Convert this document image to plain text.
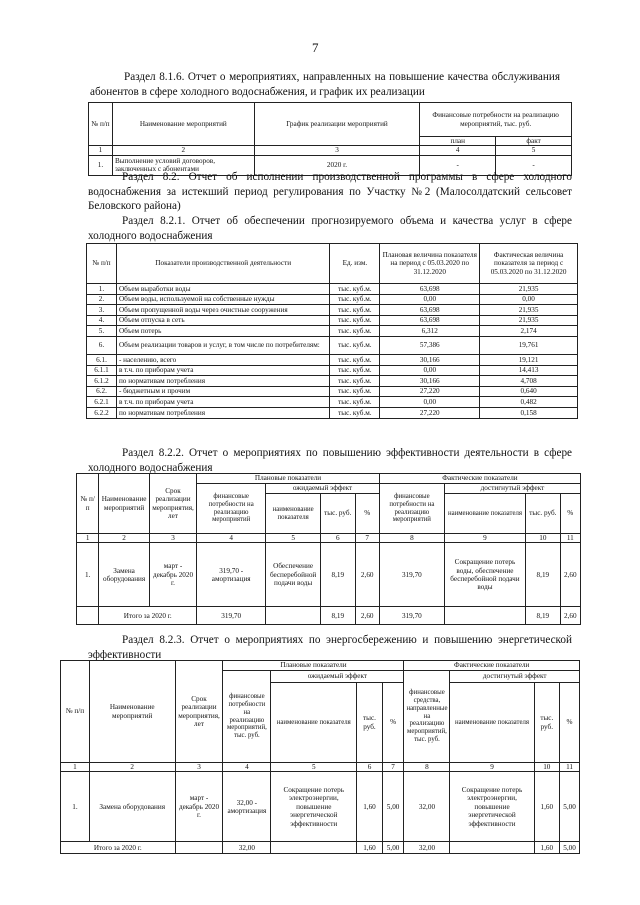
7
Раздел 8.1.6. Отчет о мероприятиях, направленных на повышение качества обслуживания абонентов в сфере холодного водоснабжения, и график их реализации
№ п/п	Наименование мероприятий	График реализации мероприятий	Финансовые потребности на реализацию мероприятий, тыс. руб.	
			план	факт
1	2	3	4	5
1.	Выполнение условий договоров, заключенных с абонентами	2020 г.	-	-
Раздел 8.2. Отчет об исполнении производственной программы в сфере холодного водоснабжения за истекший период регулирования по Участку №2 (Малосолдатский сельсовет Беловского района)
Раздел 8.2.1. Отчет об обеспечении прогнозируемого объема и качества услуг в сфере холодного водоснабжения
№ п/п	Показатели производственной деятельности	Ед. изм.	Плановая величина показателя на период с 05.03.2020 по 31.12.2020	Фактическая величина показателя за период с 05.03.2020 по 31.12.2020
1.	Объем выработки воды	тыс. куб.м.	63,698	21,935
2.	Объем воды, используемой на собственные нужды	тыс. куб.м.	0,00	0,00
3.	Объем пропущенной воды через очистные сооружения	тыс. куб.м.	63,698	21,935
4.	Объем отпуска в сеть	тыс. куб.м.	63,698	21,935
5.	Объем потерь	тыс. куб.м.	6,312	2,174
6.	Объем реализации товаров и услуг, в том числе по потребителям:	тыс. куб.м.	57,386	19,761
6.1.	- населению, всего	тыс. куб.м.	30,166	19,121
6.1.1	в т.ч. по приборам учета	тыс. куб.м.	0,00	14,413
6.1.2	по нормативам потребления	тыс. куб.м.	30,166	4,708
6.2.	- бюджетным и прочим	тыс. куб.м.	27,220	0,640
6.2.1	в т.ч. по приборам учета	тыс. куб.м.	0,00	0,482
6.2.2	по нормативам потребления	тыс. куб.м.	27,220	0,158
Раздел 8.2.2. Отчет о мероприятиях по повышению эффективности деятельности в сфере холодного водоснабжения
№ п/п	Наименование мероприятий	Срок реализации мероприятия, лет	Плановые показатели				Фактические показатели			
			финансовые потребности на реализацию мероприятий	ожидаемый эффект			финансовые потребности на реализацию мероприятий	достигнутый эффект		
				наименование показателя	тыс. руб.	%		наименование показателя	тыс. руб.	%
1	2	3	4	5	6	7	8	9	10	11
1.	Замена оборудования	март - декабрь 2020 г.	319,70 - амортизация	Обеспечение бесперебойной подачи воды	8,19	2,60	319,70	Сокращение потерь воды, обеспечение бесперебойной подачи воды	8,19	2,60
	Итого за 2020 г.		319,70		8,19	2,60	319,70		8,19	2,60
Раздел 8.2.3. Отчет о мероприятиях по энергосбережению и повышению энергетической эффективности
№ п/п	Наименование мероприятий	Срок реализации мероприятия, лет	Плановые показатели				Фактические показатели			
			финансовые потребности на реализацию мероприятий, тыс. руб.	ожидаемый эффект			финансовые средства, направленные на реализацию мероприятий, тыс. руб.	достигнутый эффект		
				наименование показателя	тыс. руб.	%		наименование показателя	тыс. руб.	%
1	2	3	4	5	6	7	8	9	10	11
1.	Замена оборудования	март - декабрь 2020 г.	32,00 - амортизация	Сокращение потерь электроэнергии, повышение энергетической эффективности	1,60	5,00	32,00	Сокращение потерь электроэнергии, повышение энергетической эффективности	1,60	5,00
Итого за 2020 г.			32,00		1,60	5,00	32,00		1,60	5,00
